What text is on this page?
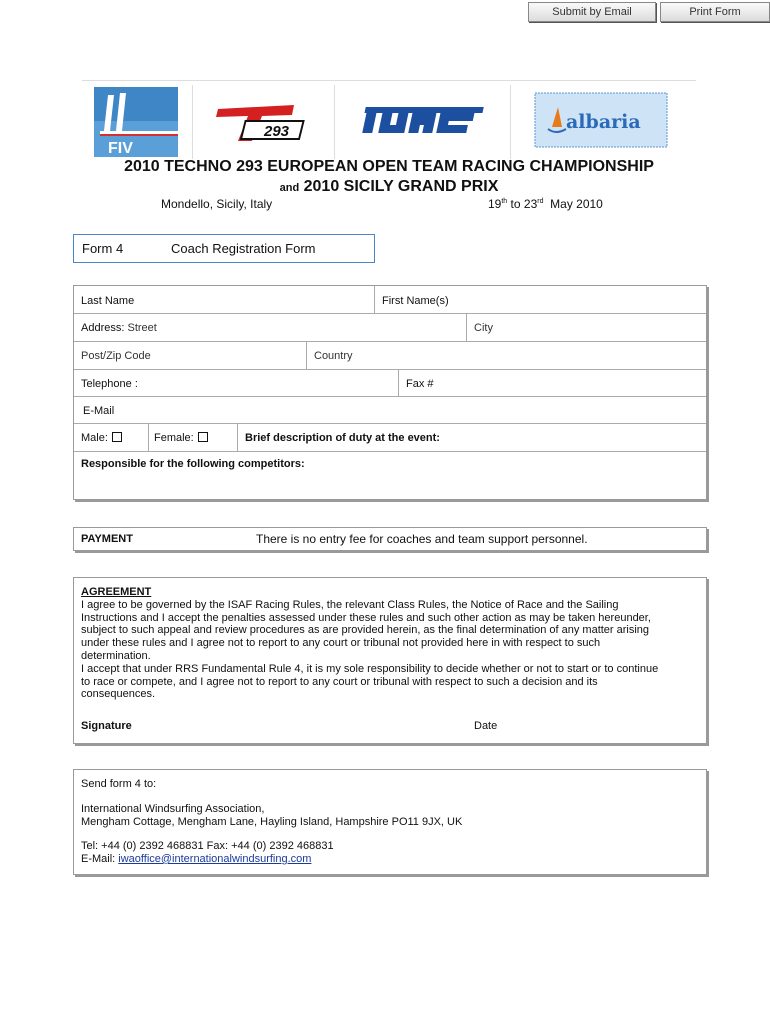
Submit by Email	Print Form
FIV
293	albaria
2010 TECHNO 293 EUROPEAN OPEN TEAM RACING CHAMPIONSHIP
and 2010 SICILY GRAND PRIX
Mondello, Sicily, Italy	19th to 23rd May 2010
Form 4	Coach Registration Form
Last Name	First Name(s)
Address: Street	City
Post/Zip Code	Country
Telephone :	Fax #
E-Mail
Male:	Female:	Brief description of duty at the event:
Responsible for the following competitors:
PAYMENT	There is no entry fee for coaches and team support personnel.
AGREEMENT
I agree to be governed by the ISAF Racing Rules, the relevant Class Rules, the Notice of Race and the Sailing
Instructions and I accept the penalties assessed under these rules and such other action as may be taken hereunder,
subject to such appeal and review procedures as are provided herein, as the final determination of any matter arising
under these rules and I agree not to report to any court or tribunal not provided here in with respect to such
determination.
I accept that under RRS Fundamental Rule 4, it is my sole responsibility to decide whether or not to start or to continue
to race or compete, and I agree not to report to any court or tribunal with respect to such a decision and its
consequences.
Signature	Date
Send form 4 to:
International Windsurfing Association,
Mengham Cottage, Mengham Lane, Hayling Island, Hampshire PO11 9JX, UK
Tel: +44 (0) 2392 468831 Fax: +44 (0) 2392 468831
E-Mail: iwaoffice@internationalwindsurfing.com
